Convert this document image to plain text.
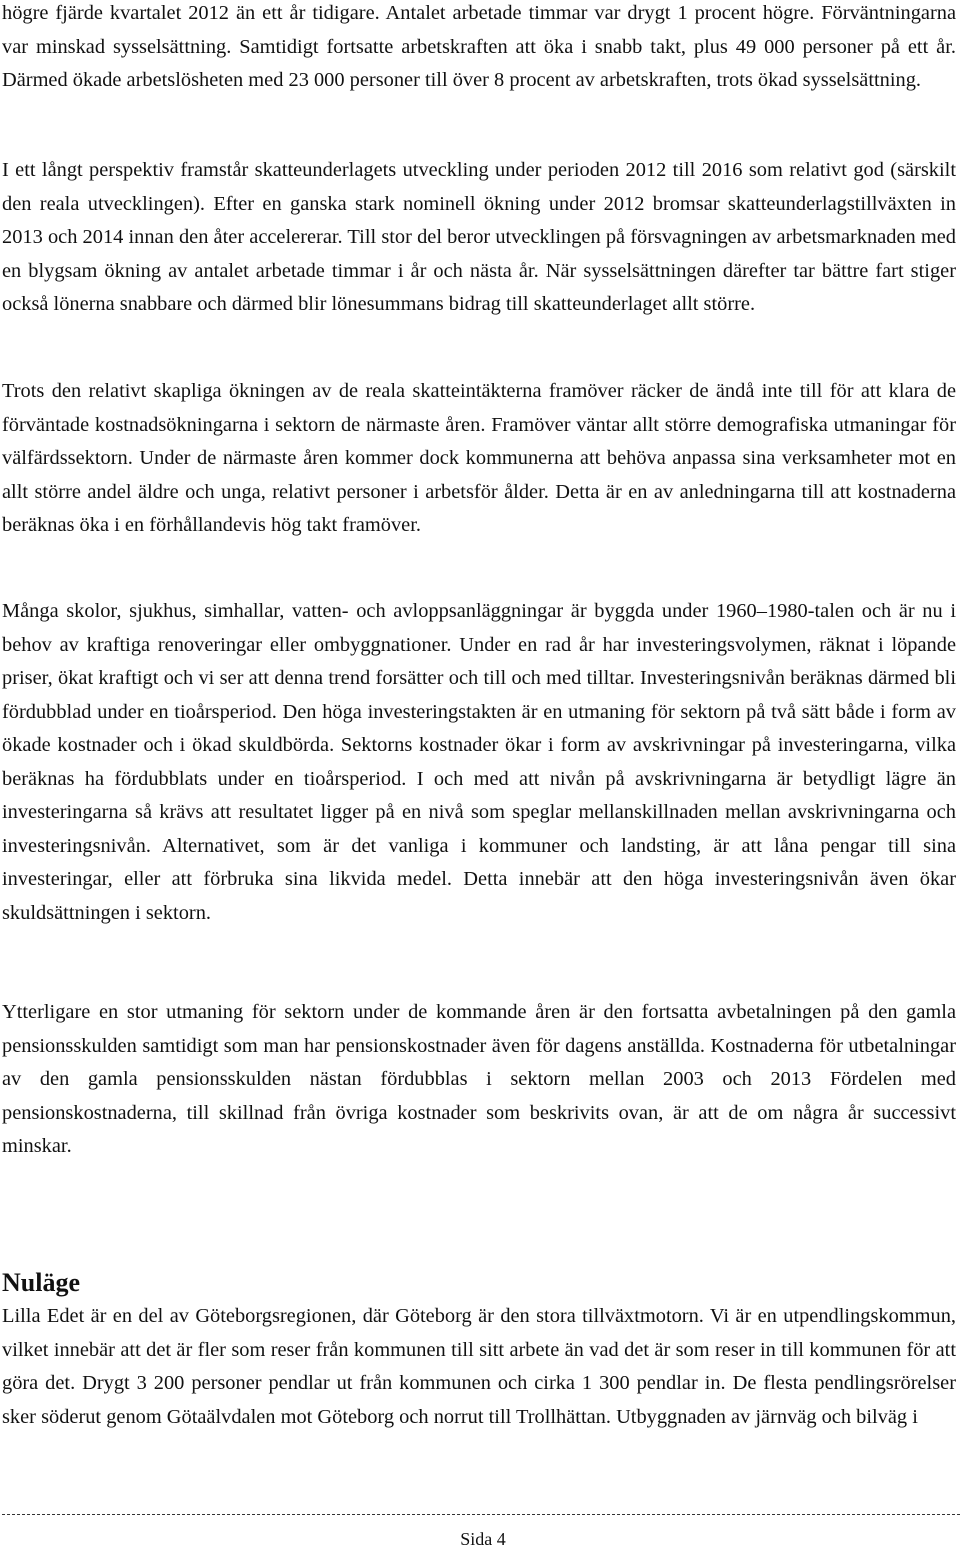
högre fjärde kvartalet 2012 än ett år tidigare. Antalet arbetade timmar var drygt 1 procent högre. Förväntningarna var minskad sysselsättning. Samtidigt fortsatte arbetskraften att öka i snabb takt, plus 49 000 personer på ett år. Därmed ökade arbetslösheten med 23 000 personer till över 8 procent av arbetskraften, trots ökad sysselsättning.

I ett långt perspektiv framstår skatteunderlagets utveckling under perioden 2012 till 2016 som relativt god (särskilt den reala utvecklingen). Efter en ganska stark nominell ökning under 2012 bromsar skatteunderlagstillväxten in 2013 och 2014 innan den åter accelererar. Till stor del beror utvecklingen på försvagningen av arbetsmarknaden med en blygsam ökning av antalet arbetade timmar i år och nästa år. När sysselsättningen därefter tar bättre fart stiger också lönerna snabbare och därmed blir lönesummans bidrag till skatteunderlaget allt större.

Trots den relativt skapliga ökningen av de reala skatteintäkterna framöver räcker de ändå inte till för att klara de förväntade kostnadsökningarna i sektorn de närmaste åren. Framöver väntar allt större demografiska utmaningar för välfärdssektorn. Under de närmaste åren kommer dock kommunerna att behöva anpassa sina verksamheter mot en allt större andel äldre och unga, relativt personer i arbetsför ålder. Detta är en av anledningarna till att kostnaderna beräknas öka i en förhållandevis hög takt framöver.

Många skolor, sjukhus, simhallar, vatten- och avloppsanläggningar är byggda under 1960–1980-talen och är nu i behov av kraftiga renoveringar eller ombyggnationer. Under en rad år har investeringsvolymen, räknat i löpande priser, ökat kraftigt och vi ser att denna trend forsätter och till och med tilltar. Investeringsnivån beräknas därmed bli fördubblad under en tioårsperiod. Den höga investeringstakten är en utmaning för sektorn på två sätt både i form av ökade kostnader och i ökad skuldbörda. Sektorns kostnader ökar i form av avskrivningar på investeringarna, vilka beräknas ha fördubblats under en tioårsperiod. I och med att nivån på avskrivningarna är betydligt lägre än investeringarna så krävs att resultatet ligger på en nivå som speglar mellanskillnaden mellan avskrivningarna och investeringsnivån. Alternativet, som är det vanliga i kommuner och landsting, är att låna pengar till sina investeringar, eller att förbruka sina likvida medel. Detta innebär att den höga investeringsnivån även ökar skuldsättningen i sektorn.

Ytterligare en stor utmaning för sektorn under de kommande åren är den fortsatta avbetalningen på den gamla pensionsskulden samtidigt som man har pensionskostnader även för dagens anställda. Kostnaderna för utbetalningar av den gamla pensionsskulden nästan fördubblas i sektorn mellan 2003 och 2013 Fördelen med pensionskostnaderna, till skillnad från övriga kostnader som beskrivits ovan, är att de om några år successivt minskar.

Nuläge

Lilla Edet är en del av Göteborgsregionen, där Göteborg är den stora tillväxtmotorn. Vi är en utpendlingskommun, vilket innebär att det är fler som reser från kommunen till sitt arbete än vad det är som reser in till kommunen för att göra det. Drygt 3 200 personer pendlar ut från kommunen och cirka 1 300 pendlar in. De flesta pendlingsrörelser sker söderut genom Götaälvdalen mot Göteborg och norrut till Trollhättan. Utbyggnaden av järnväg och bilväg i

Sida 4
